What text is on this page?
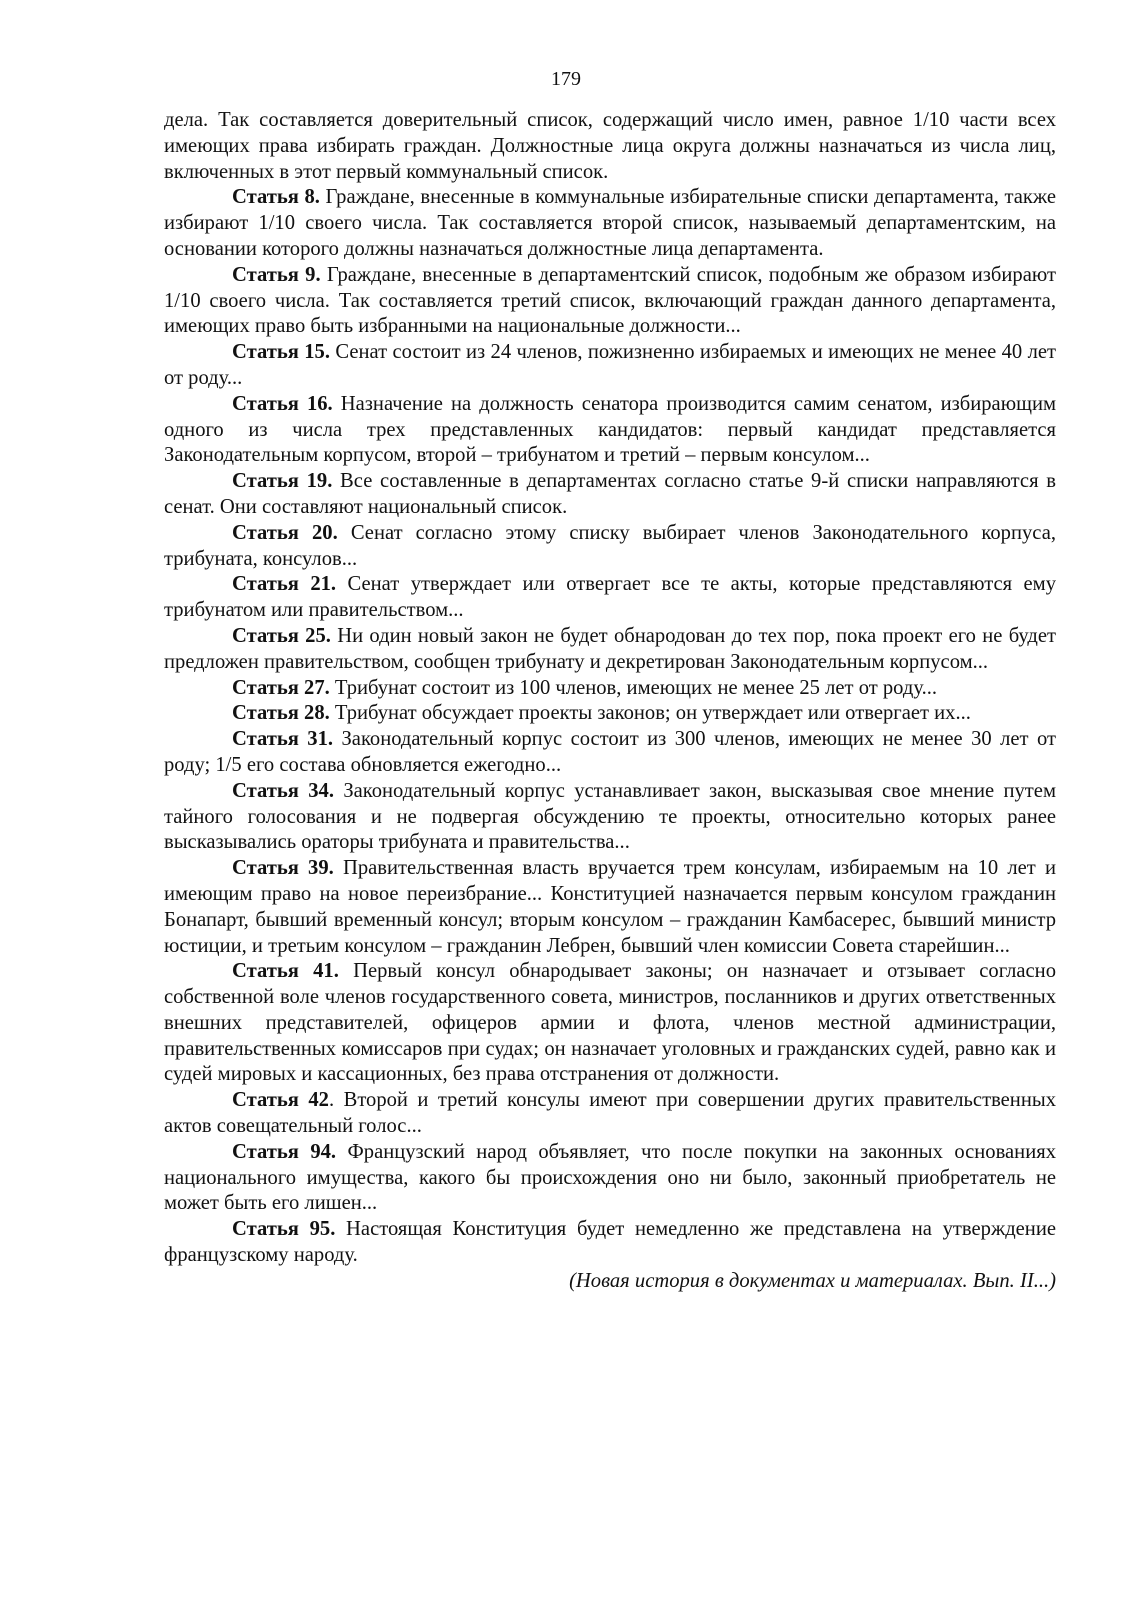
179

дела. Так составляется доверительный список, содержащий число имен, равное 1/10 части всех имеющих права избирать граждан. Должностные лица округа должны назначаться из числа лиц, включенных в этот первый коммунальный список.

Статья 8. Граждане, внесенные в коммунальные избирательные списки департамента, также избирают 1/10 своего числа. Так составляется второй список, называемый департаментским, на основании которого должны назначаться должностные лица департамента.

Статья 9. Граждане, внесенные в департаментский список, подобным же образом избирают 1/10 своего числа. Так составляется третий список, включающий граждан данного департамента, имеющих право быть избранными на национальные должности...

Статья 15. Сенат состоит из 24 членов, пожизненно избираемых и имеющих не менее 40 лет от роду...

Статья 16. Назначение на должность сенатора производится самим сенатом, избирающим одного из числа трех представленных кандидатов: первый кандидат представляется Законодательным корпусом, второй – трибунатом и третий – первым консулом...

Статья 19. Все составленные в департаментах согласно статье 9-й списки направляются в сенат. Они составляют национальный список.

Статья 20. Сенат согласно этому списку выбирает членов Законодательного корпуса, трибуната, консулов...

Статья 21. Сенат утверждает или отвергает все те акты, которые представляются ему трибунатом или правительством...

Статья 25. Ни один новый закон не будет обнародован до тех пор, пока проект его не будет предложен правительством, сообщен трибунату и декретирован Законодательным корпусом...

Статья 27. Трибунат состоит из 100 членов, имеющих не менее 25 лет от роду...

Статья 28. Трибунат обсуждает проекты законов; он утверждает или отвергает их...

Статья 31. Законодательный корпус состоит из 300 членов, имеющих не менее 30 лет от роду; 1/5 его состава обновляется ежегодно...

Статья 34. Законодательный корпус устанавливает закон, высказывая свое мнение путем тайного голосования и не подвергая обсуждению те проекты, относительно которых ранее высказывались ораторы трибуната и правительства...

Статья 39. Правительственная власть вручается трем консулам, избираемым на 10 лет и имеющим право на новое переизбрание... Конституцией назначается первым консулом гражданин Бонапарт, бывший временный консул; вторым консулом – гражданин Камбасерес, бывший министр юстиции, и третьим консулом – гражданин Лебрен, бывший член комиссии Совета старейшин...

Статья 41. Первый консул обнародывает законы; он назначает и отзывает согласно собственной воле членов государственного совета, министров, посланников и других ответственных внешних представителей, офицеров армии и флота, членов местной администрации, правительственных комиссаров при судах; он назначает уголовных и гражданских судей, равно как и судей мировых и кассационных, без права отстранения от должности.

Статья 42. Второй и третий консулы имеют при совершении других правительственных актов совещательный голос...

Статья 94. Французский народ объявляет, что после покупки на законных основаниях национального имущества, какого бы происхождения оно ни было, законный приобретатель не может быть его лишен...

Статья 95. Настоящая Конституция будет немедленно же представлена на утверждение французскому народу.

(Новая история в документах и материалах. Вып. II...)
